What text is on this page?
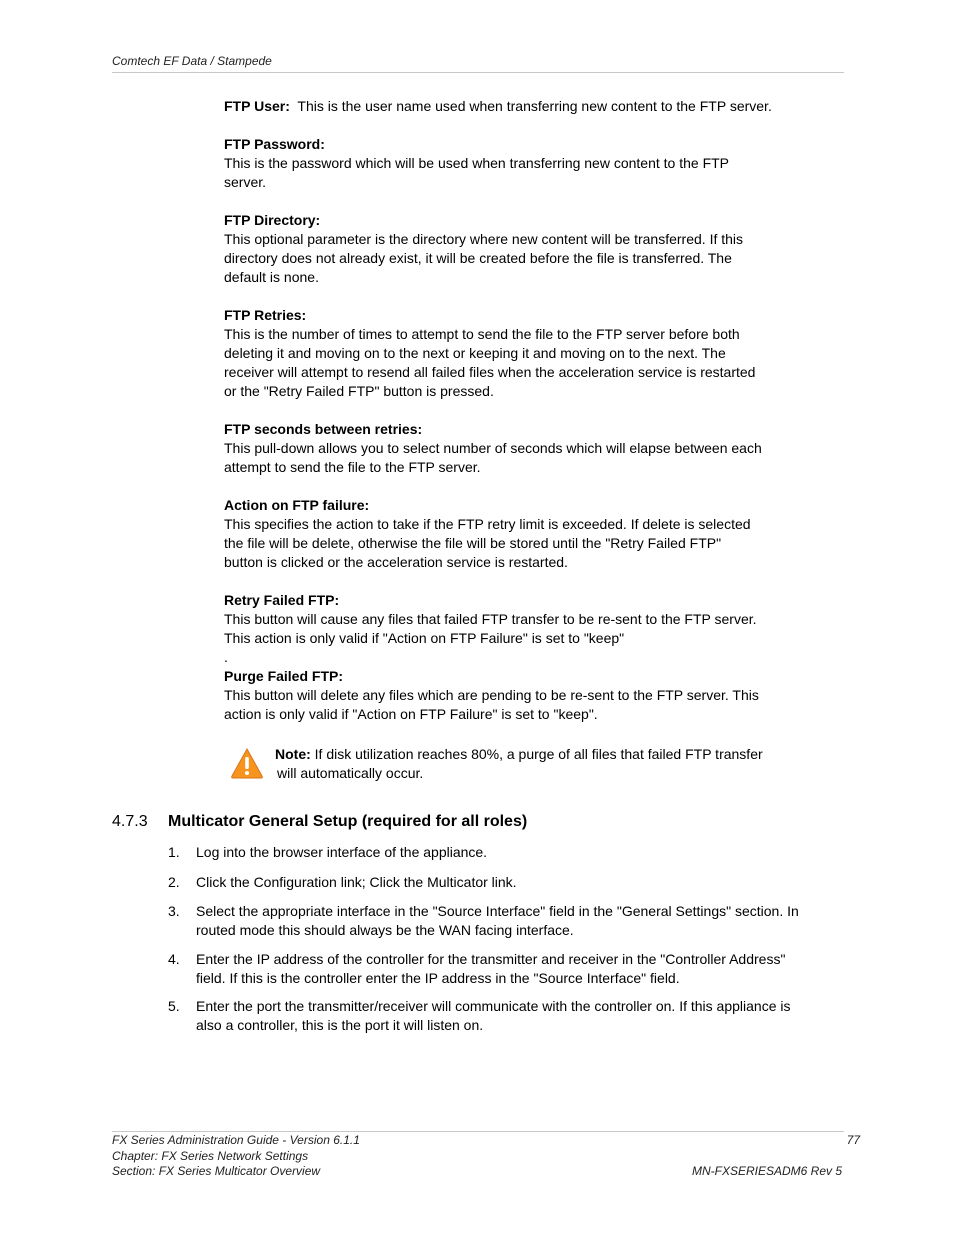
Comtech EF Data / Stampede

FTP User: This is the user name used when transferring new content to the FTP server.

FTP Password:

This is the password which will be used when transferring new content to the FTP

server.

FTP Directory:

This optional parameter is the directory where new content will be transferred. If this

directory does not already exist, it will be created before the file is transferred. The

default is none.

FTP Retries:

This is the number of times to attempt to send the file to the FTP server before both

deleting it and moving on to the next or keeping it and moving on to the next. The

receiver will attempt to resend all failed files when the acceleration service is restarted

or the "Retry Failed FTP" button is pressed.

FTP seconds between retries:

This pull-down allows you to select number of seconds which will elapse between each

attempt to send the file to the FTP server.

Action on FTP failure:

This specifies the action to take if the FTP retry limit is exceeded. If delete is selected

the file will be delete, otherwise the file will be stored until the "Retry Failed FTP"

button is clicked or the acceleration service is restarted.

Retry Failed FTP:

This button will cause any files that failed FTP transfer to be re-sent to the FTP server.

This action is only valid if "Action on FTP Failure" is set to "keep"

.

Purge Failed FTP:

This button will delete any files which are pending to be re-sent to the FTP server. This

action is only valid if "Action on FTP Failure" is set to "keep".

Note: If disk utilization reaches 80%, a purge of all files that failed FTP transfer
will automatically occur.
4.7.3 Multicator General Setup (required for all roles)
1. Log into the browser interface of the appliance.
2. Click the Configuration link; Click the Multicator link.
3. Select the appropriate interface in the "Source Interface" field in the "General Settings" section. In
routed mode this should always be the WAN facing interface.
4. Enter the IP address of the controller for the transmitter and receiver in the "Controller Address"
field. If this is the controller enter the IP address in the "Source Interface" field.
5. Enter the port the transmitter/receiver will communicate with the controller on. If this appliance is
also a controller, this is the port it will listen on.
FX Series Administration Guide - Version 6.1.1
Chapter: FX Series Network Settings
Section: FX Series Multicator Overview
77
MN-FXSERIESADM6 Rev 5
